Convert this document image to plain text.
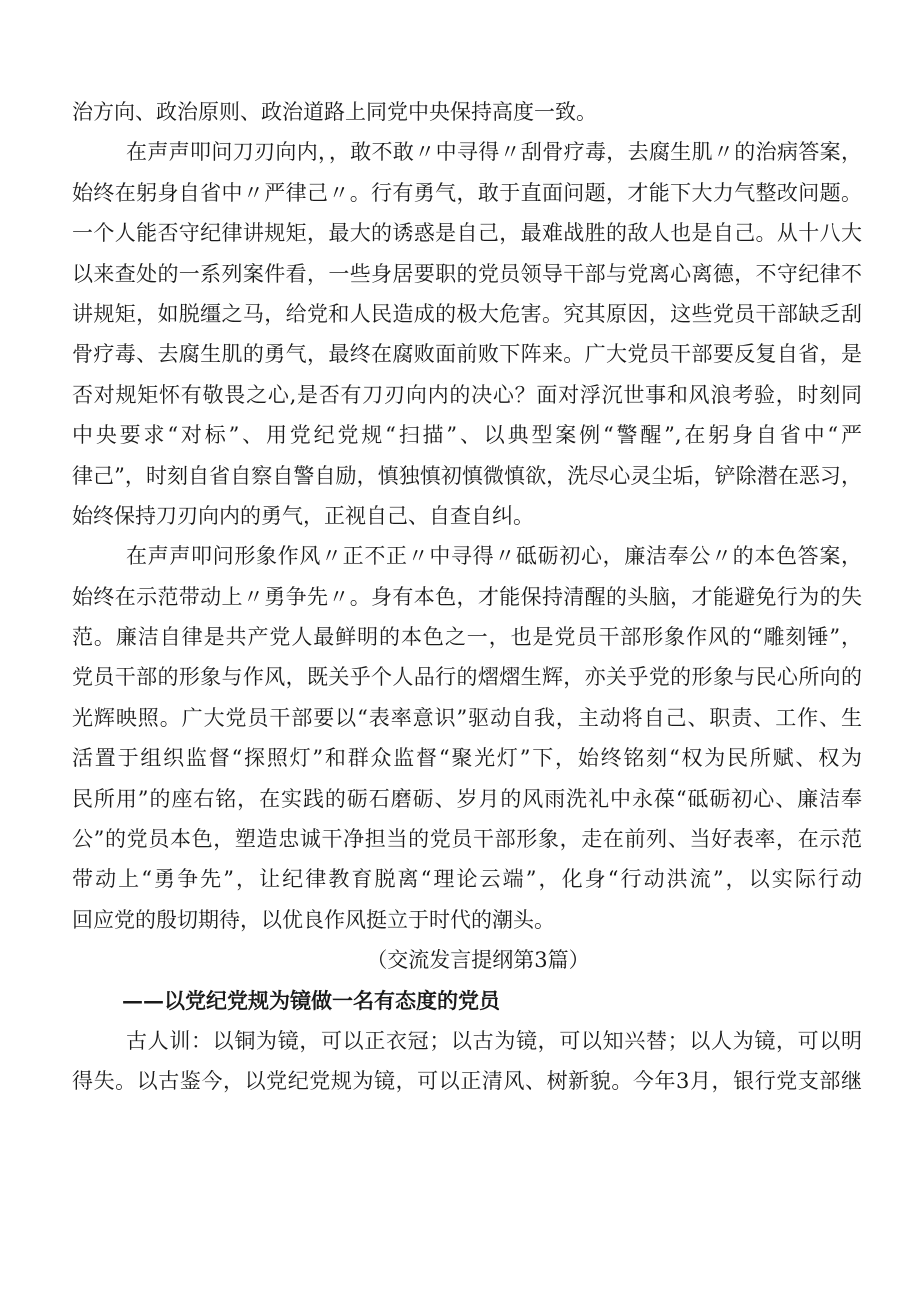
治方向、政治原则、政治道路上同党中央保持高度一致。
在声声叩问刀刃向内，，敢不敢〃中寻得〃刮骨疗毒，去腐生肌〃的治病答案，
始终在躬身自省中〃严律己〃。行有勇气，敢于直面问题，才能下大力气整改问题。
一个人能否守纪律讲规矩，最大的诱惑是自己，最难战胜的敌人也是自己。从十八大
以来查处的一系列案件看，一些身居要职的党员领导干部与党离心离德，不守纪律不
讲规矩，如脱缰之马，给党和人民造成的极大危害。究其原因，这些党员干部缺乏刮
骨疗毒、去腐生肌的勇气，最终在腐败面前败下阵来。广大党员干部要反复自省，是
否对规矩怀有敬畏之心,是否有刀刃向内的决心？面对浮沉世事和风浪考验，时刻同
中央要求“对标”、用党纪党规“扫描”、以典型案例“警醒”,在躬身自省中“严
律己”，时刻自省自察自警自励，慎独慎初慎微慎欲，洗尽心灵尘垢，铲除潜在恶习，
始终保持刀刃向内的勇气，正视自己、自查自纠。
在声声叩问形象作风〃正不正〃中寻得〃砥砺初心，廉洁奉公〃的本色答案，
始终在示范带动上〃勇争先〃。身有本色，才能保持清醒的头脑，才能避免行为的失
范。廉洁自律是共产党人最鲜明的本色之一，也是党员干部形象作风的“雕刻锤”，
党员干部的形象与作风，既关乎个人品行的熠熠生辉，亦关乎党的形象与民心所向的
光辉映照。广大党员干部要以“表率意识”驱动自我，主动将自己、职责、工作、生
活置于组织监督“探照灯”和群众监督“聚光灯”下，始终铭刻“权为民所赋、权为
民所用”的座右铭，在实践的砺石磨砺、岁月的风雨洗礼中永葆“砥砺初心、廉洁奉
公”的党员本色，塑造忠诚干净担当的党员干部形象，走在前列、当好表率，在示范
带动上“勇争先”，让纪律教育脱离“理论云端”，化身“行动洪流”，以实际行动
回应党的殷切期待，以优良作风挺立于时代的潮头。
（交流发言提纲第3篇）
——以党纪党规为镜做一名有态度的党员
古人训：以铜为镜，可以正衣冠；以古为镜，可以知兴替；以人为镜，可以明
得失。以古鉴今，以党纪党规为镜，可以正清风、树新貌。今年3月，银行党支部继
